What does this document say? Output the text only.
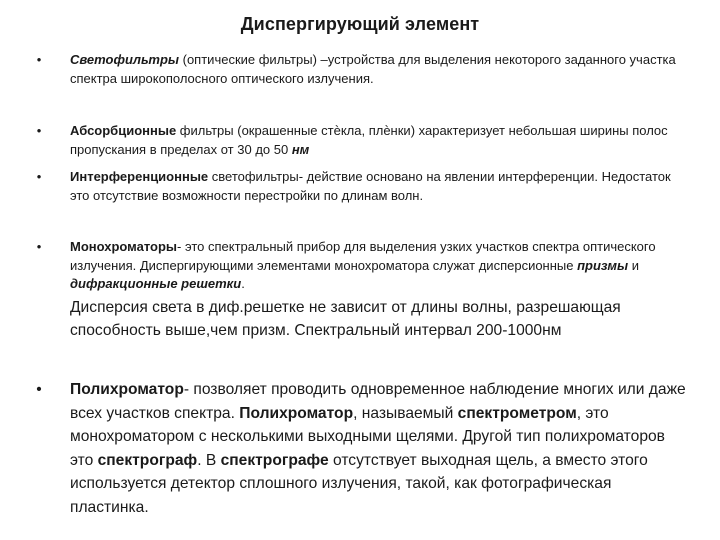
Диспергирующий элемент
•	Светофильтры (оптические фильтры) –устройства для выделения некоторого заданного участка спектра широкополосного оптического излучения.
•	Абсорбционные фильтры (окрашенные стѐкла, плѐнки) характеризует небольшая ширины полос пропускания в пределах от 30 до 50 нм
•	Интерференционные светофильтры- действие основано на явлении интерференции. Недостаток это отсутствие возможности перестройки по длинам волн.
•	Монохроматоры- это спектральный прибор для выделения узких участков спектра оптического излучения. Диспергирующими элементами монохроматора служат дисперсионные призмы и дифракционные решетки.
Дисперсия света в диф.решетке не зависит от длины волны, разрешающая способность выше,чем призм. Спектральный интервал 200-1000нм
• Полихроматор- позволяет проводить одновременное наблюдение многих или даже всех участков спектра. Полихроматор, называемый спектрометром, это монохроматором с несколькими выходными щелями. Другой тип полихроматоров это спектрограф. В спектрографе отсутствует выходная щель, а вместо этого используется детектор сплошного излучения, такой, как фотографическая пластинка.
